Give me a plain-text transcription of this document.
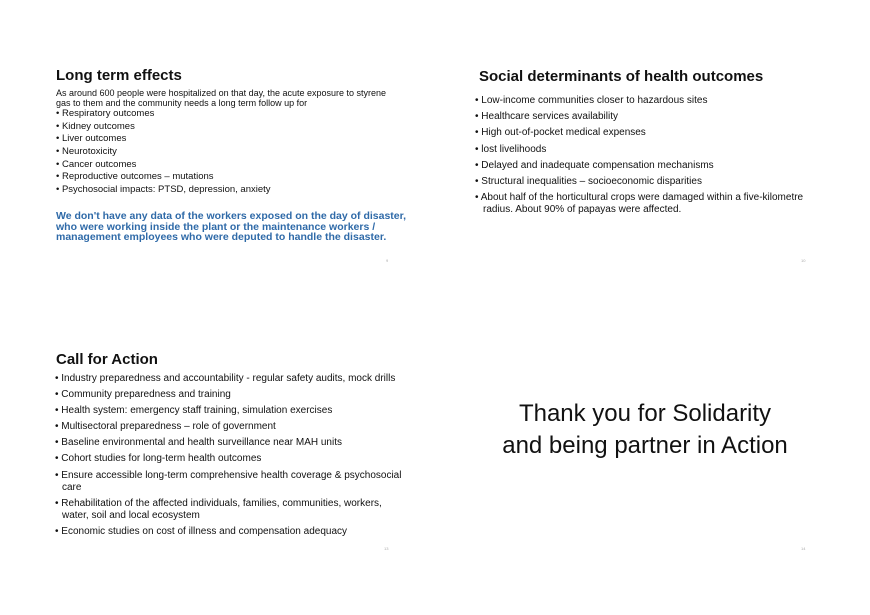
Long term effects
As around 600 people were hospitalized on that day, the acute exposure to styrene gas to them and the community needs a long term follow up for
• Respiratory outcomes
• Kidney outcomes
• Liver outcomes
• Neurotoxicity
• Cancer outcomes
• Reproductive outcomes – mutations
• Psychosocial impacts: PTSD, depression, anxiety
We don't have any data of the workers exposed on the day of disaster, who were working inside the plant or the maintenance workers / management employees who were deputed to handle the disaster.
9
Social determinants of health outcomes
• Low-income communities closer to hazardous sites
• Healthcare services availability
• High out-of-pocket medical expenses
• lost livelihoods
• Delayed and inadequate compensation mechanisms
• Structural inequalities – socioeconomic disparities
• About half of the horticultural crops were damaged within a five-kilometre radius. About 90% of papayas were affected.
10
Call for Action
• Industry preparedness and accountability - regular safety audits, mock drills
• Community preparedness and training
• Health system: emergency staff training, simulation exercises
• Multisectoral preparedness – role of government
• Baseline environmental and health surveillance near MAH units
• Cohort studies for long-term health outcomes
• Ensure accessible long-term comprehensive health coverage & psychosocial care
• Rehabilitation of the affected individuals, families, communities, workers, water, soil and local ecosystem
• Economic studies on cost of illness and compensation adequacy
13
Thank you for Solidarity
and being partner in Action
14
